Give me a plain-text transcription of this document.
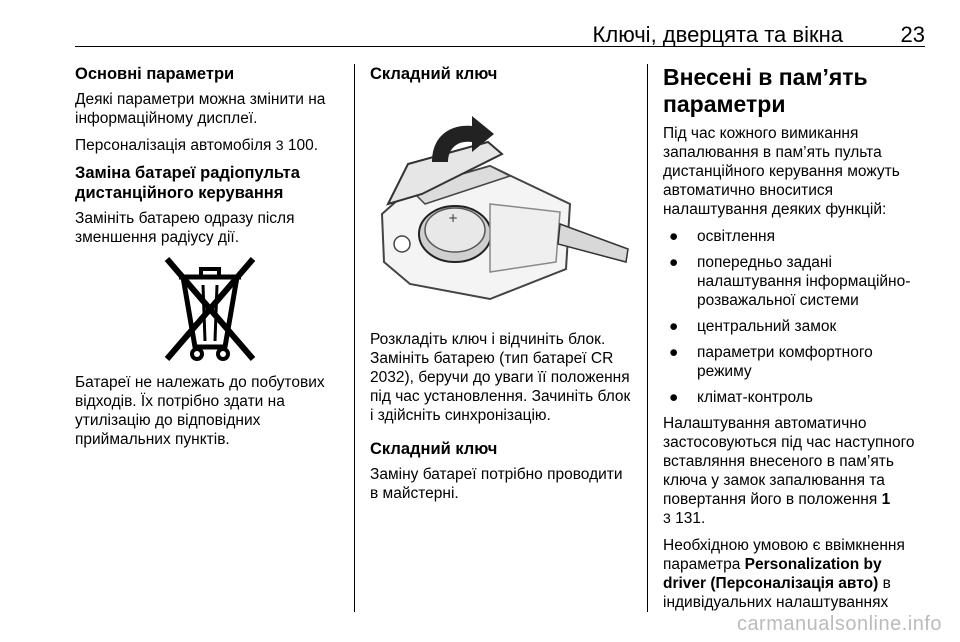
Ключі, дверцята та вікна	23
Основні параметри

Деякі параметри можна змінити на інформаційному дисплеї.

Персоналізація автомобіля 3 100.

Заміна батареї радіопульта дистанційного керування

Замініть батарею одразу після зменшення радіусу дії.

Батареї не належать до побутових відходів. Їх потрібно здати на утилізацію до відповідних приймальних пунктів.

Складний ключ
+

Розкладіть ключ і відчиніть блок. Замініть батарею (тип батареї CR 2032), беручи до уваги її положення під час установлення. Зачиніть блок і здійсніть синхронізацію.

Складний ключ

Заміну батареї потрібно проводити в майстерні.

Внесені в пам’ять параметри

Під час кожного вимикання запалювання в пам’ять пульта дистанційного керування можуть автоматично вноситися налаштування деяких функцій:

●	освітлення
●	попередньо задані налаштування інформаційно-розважальної системи
●	центральний замок
●	параметри комфортного режиму
●	клімат-контроль

Налаштування автоматично застосовуються під час наступного вставляння внесеного в пам’ять ключа у замок запалювання та повертання його в положення 1
3 131.

Необхідною умовою є ввімкнення параметра Personalization by driver (Персоналізація авто) в індивідуальних налаштуваннях

carmanualsonline.info
